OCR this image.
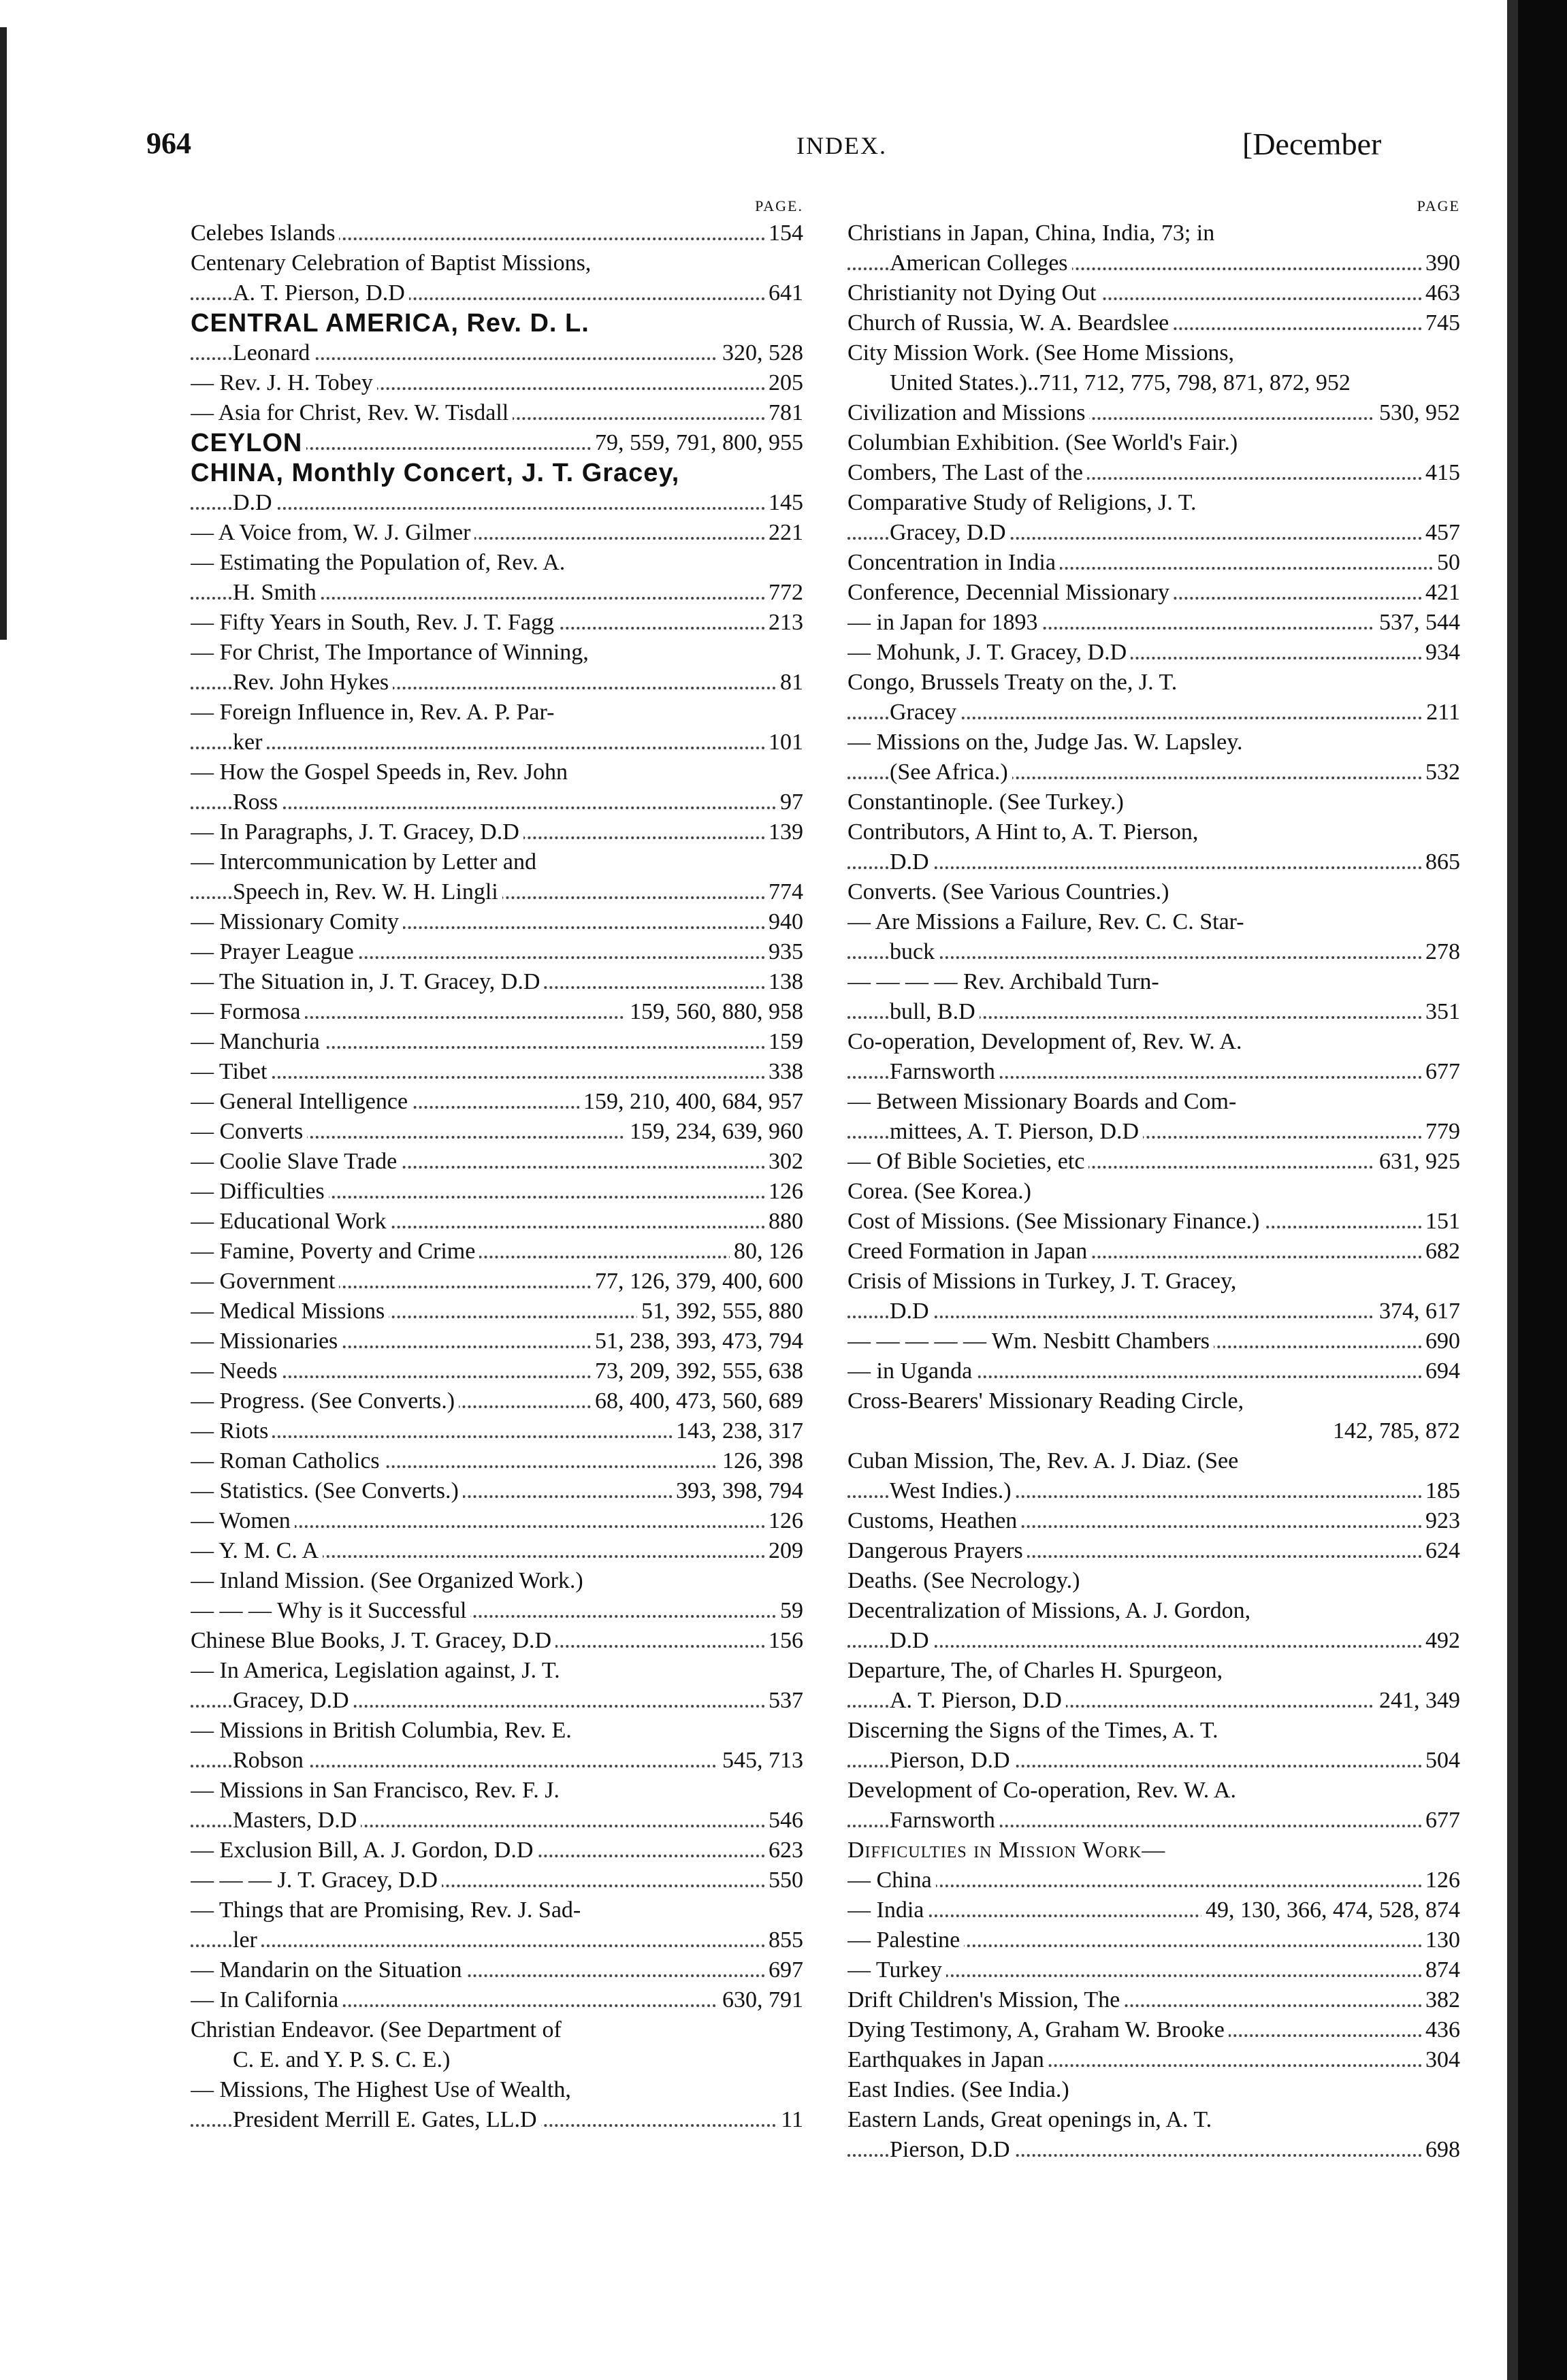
964	INDEX.	[December
PAGE.
Celebes Islands	154
Centenary Celebration of Baptist Missions,
A. T. Pierson, D.D	641
CENTRAL AMERICA, Rev. D. L.
Leonard	320, 528
— Rev. J. H. Tobey	205
— Asia for Christ, Rev. W. Tisdall	781
CEYLON	79, 559, 791, 800, 955
CHINA, Monthly Concert, J. T. Gracey,
D.D	145
— A Voice from, W. J. Gilmer	221
— Estimating the Population of, Rev. A.
H. Smith	772
— Fifty Years in South, Rev. J. T. Fagg	213
— For Christ, The Importance of Winning,
Rev. John Hykes	81
— Foreign Influence in, Rev. A. P. Par-
ker	101
— How the Gospel Speeds in, Rev. John
Ross	97
— In Paragraphs, J. T. Gracey, D.D	139
— Intercommunication by Letter and
Speech in, Rev. W. H. Lingli	774
— Missionary Comity	940
— Prayer League	935
— The Situation in, J. T. Gracey, D.D	138
— Formosa	159, 560, 880, 958
— Manchuria	159
— Tibet	338
— General Intelligence	159, 210, 400, 684, 957
— Converts	159, 234, 639, 960
— Coolie Slave Trade	302
— Difficulties	126
— Educational Work	880
— Famine, Poverty and Crime	80, 126
— Government	77, 126, 379, 400, 600
— Medical Missions	51, 392, 555, 880
— Missionaries	51, 238, 393, 473, 794
— Needs	73, 209, 392, 555, 638
— Progress. (See Converts.)	68, 400, 473, 560, 689
— Riots	143, 238, 317
— Roman Catholics	126, 398
— Statistics. (See Converts.)	393, 398, 794
— Women	126
— Y. M. C. A	209
— Inland Mission. (See Organized Work.)
— — — Why is it Successful	59
Chinese Blue Books, J. T. Gracey, D.D	156
— In America, Legislation against, J. T.
Gracey, D.D	537
— Missions in British Columbia, Rev. E.
Robson	545, 713
— Missions in San Francisco, Rev. F. J.
Masters, D.D	546
— Exclusion Bill, A. J. Gordon, D.D	623
— — — J. T. Gracey, D.D	550
— Things that are Promising, Rev. J. Sad-
ler	855
— Mandarin on the Situation	697
— In California	630, 791
Christian Endeavor. (See Department of
C. E. and Y. P. S. C. E.)
— Missions, The Highest Use of Wealth,
President Merrill E. Gates, LL.D	11
PAGE
Christians in Japan, China, India, 73; in
American Colleges	390
Christianity not Dying Out	463
Church of Russia, W. A. Beardslee	745
City Mission Work. (See Home Missions,
United States.)..711, 712, 775, 798, 871, 872, 952
Civilization and Missions	530, 952
Columbian Exhibition. (See World's Fair.)
Combers, The Last of the	415
Comparative Study of Religions, J. T.
Gracey, D.D	457
Concentration in India	50
Conference, Decennial Missionary	421
— in Japan for 1893	537, 544
— Mohunk, J. T. Gracey, D.D	934
Congo, Brussels Treaty on the, J. T.
Gracey	211
— Missions on the, Judge Jas. W. Lapsley.
(See Africa.)	532
Constantinople. (See Turkey.)
Contributors, A Hint to, A. T. Pierson,
D.D	865
Converts. (See Various Countries.)
— Are Missions a Failure, Rev. C. C. Star-
buck	278
— — — — Rev. Archibald Turn-
bull, B.D	351
Co-operation, Development of, Rev. W. A.
Farnsworth	677
— Between Missionary Boards and Com-
mittees, A. T. Pierson, D.D	779
— Of Bible Societies, etc	631, 925
Corea. (See Korea.)
Cost of Missions. (See Missionary Finance.)	151
Creed Formation in Japan	682
Crisis of Missions in Turkey, J. T. Gracey,
D.D	374, 617
— — — — — Wm. Nesbitt Chambers	690
— in Uganda	694
Cross-Bearers' Missionary Reading Circle,
142, 785, 872
Cuban Mission, The, Rev. A. J. Diaz. (See
West Indies.)	185
Customs, Heathen	923
Dangerous Prayers	624
Deaths. (See Necrology.)
Decentralization of Missions, A. J. Gordon,
D.D	492
Departure, The, of Charles H. Spurgeon,
A. T. Pierson, D.D	241, 349
Discerning the Signs of the Times, A. T.
Pierson, D.D	504
Development of Co-operation, Rev. W. A.
Farnsworth	677
Difficulties in Mission Work—
— China	126
— India	49, 130, 366, 474, 528, 874
— Palestine	130
— Turkey	874
Drift Children's Mission, The	382
Dying Testimony, A, Graham W. Brooke	436
Earthquakes in Japan	304
East Indies. (See India.)
Eastern Lands, Great openings in, A. T.
Pierson, D.D	698
